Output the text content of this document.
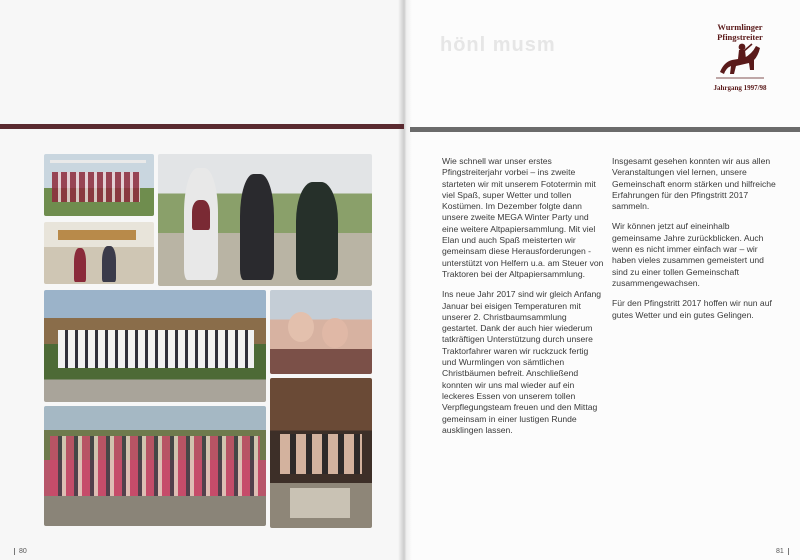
hönl musm
Wurmlinger Pfingstreiter
Jahrgang 1997/98

Wie schnell war unser erstes Pfingstreiterjahr vorbei – ins zweite starteten wir mit unserem Fototermin mit viel Spaß, super Wetter und tollen Kostümen. Im Dezember folgte dann unsere zweite MEGA Winter Party und eine weitere Altpapiersammlung. Mit viel Elan und auch Spaß meisterten wir gemeinsam diese Herausforderungen - unterstützt von Helfern u.a. am Steuer von Traktoren bei der Altpapiersammlung.

Ins neue Jahr 2017 sind wir gleich Anfang Januar bei eisigen Temperaturen mit unserer 2. Christbaumsammlung gestartet. Dank der auch hier wiederum tatkräftigen Unterstützung durch unsere Traktorfahrer waren wir ruckzuck fertig und Wurmlingen von sämtlichen Christbäumen befreit. Anschließend konnten wir uns mal wieder auf ein leckeres Essen von unserem tollen Verpflegungsteam freuen und den Mittag gemeinsam in einer lustigen Runde ausklingen lassen.

Insgesamt gesehen konnten wir aus allen Veranstaltungen viel lernen, unsere Gemeinschaft enorm stärken und hilfreiche Erfahrungen für den Pfingstritt 2017 sammeln.

Wir können jetzt auf eineinhalb gemeinsame Jahre zurückblicken. Auch wenn es nicht immer einfach war – wir haben vieles zusammen gemeistert und sind zu einer tollen Gemeinschaft zusammengewachsen.

Für den Pfingstritt 2017 hoffen wir nun auf gutes Wetter und ein gutes Gelingen.

80	81
